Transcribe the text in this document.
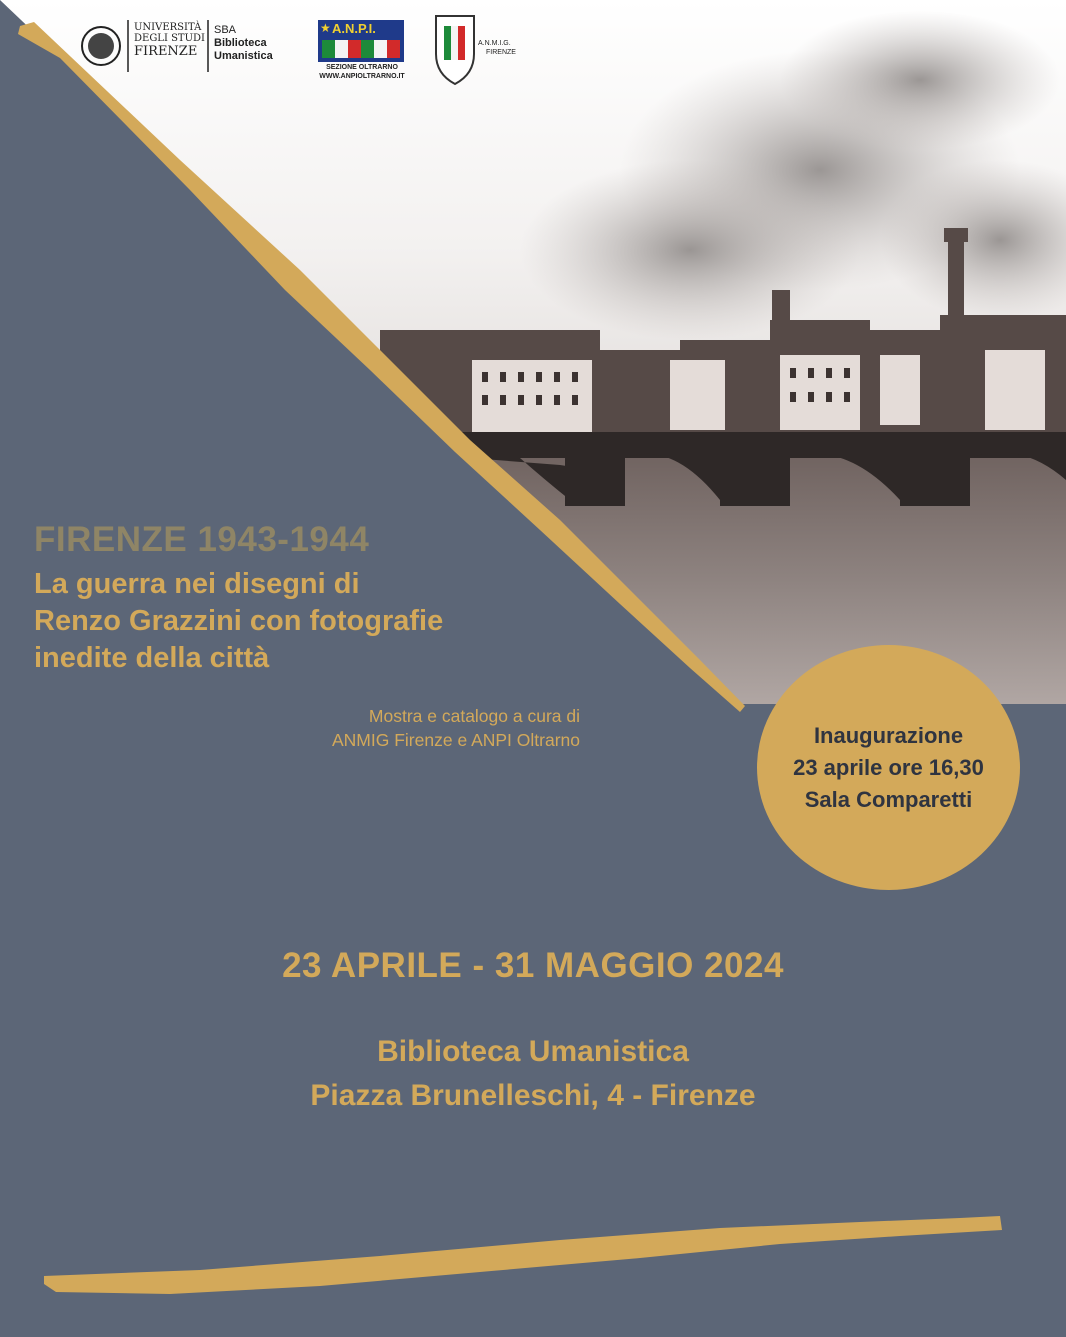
UNIVERSITÀ
DEGLI STUDI
FIRENZE
SBA
Biblioteca
Umanistica
★ A.N.P.I.
SEZIONE OLTRARNO
WWW.ANPIOLTRARNO.IT
A.N.M.I.G.
FIRENZE
FIRENZE 1943-1944
La guerra nei disegni di
Renzo Grazzini con fotografie
inedite della città
Mostra e catalogo a cura di
ANMIG Firenze e ANPI Oltrarno	Inaugurazione
23 aprile ore 16,30
Sala Comparetti
23 APRILE - 31 MAGGIO 2024
Biblioteca Umanistica
Piazza Brunelleschi, 4 - Firenze
